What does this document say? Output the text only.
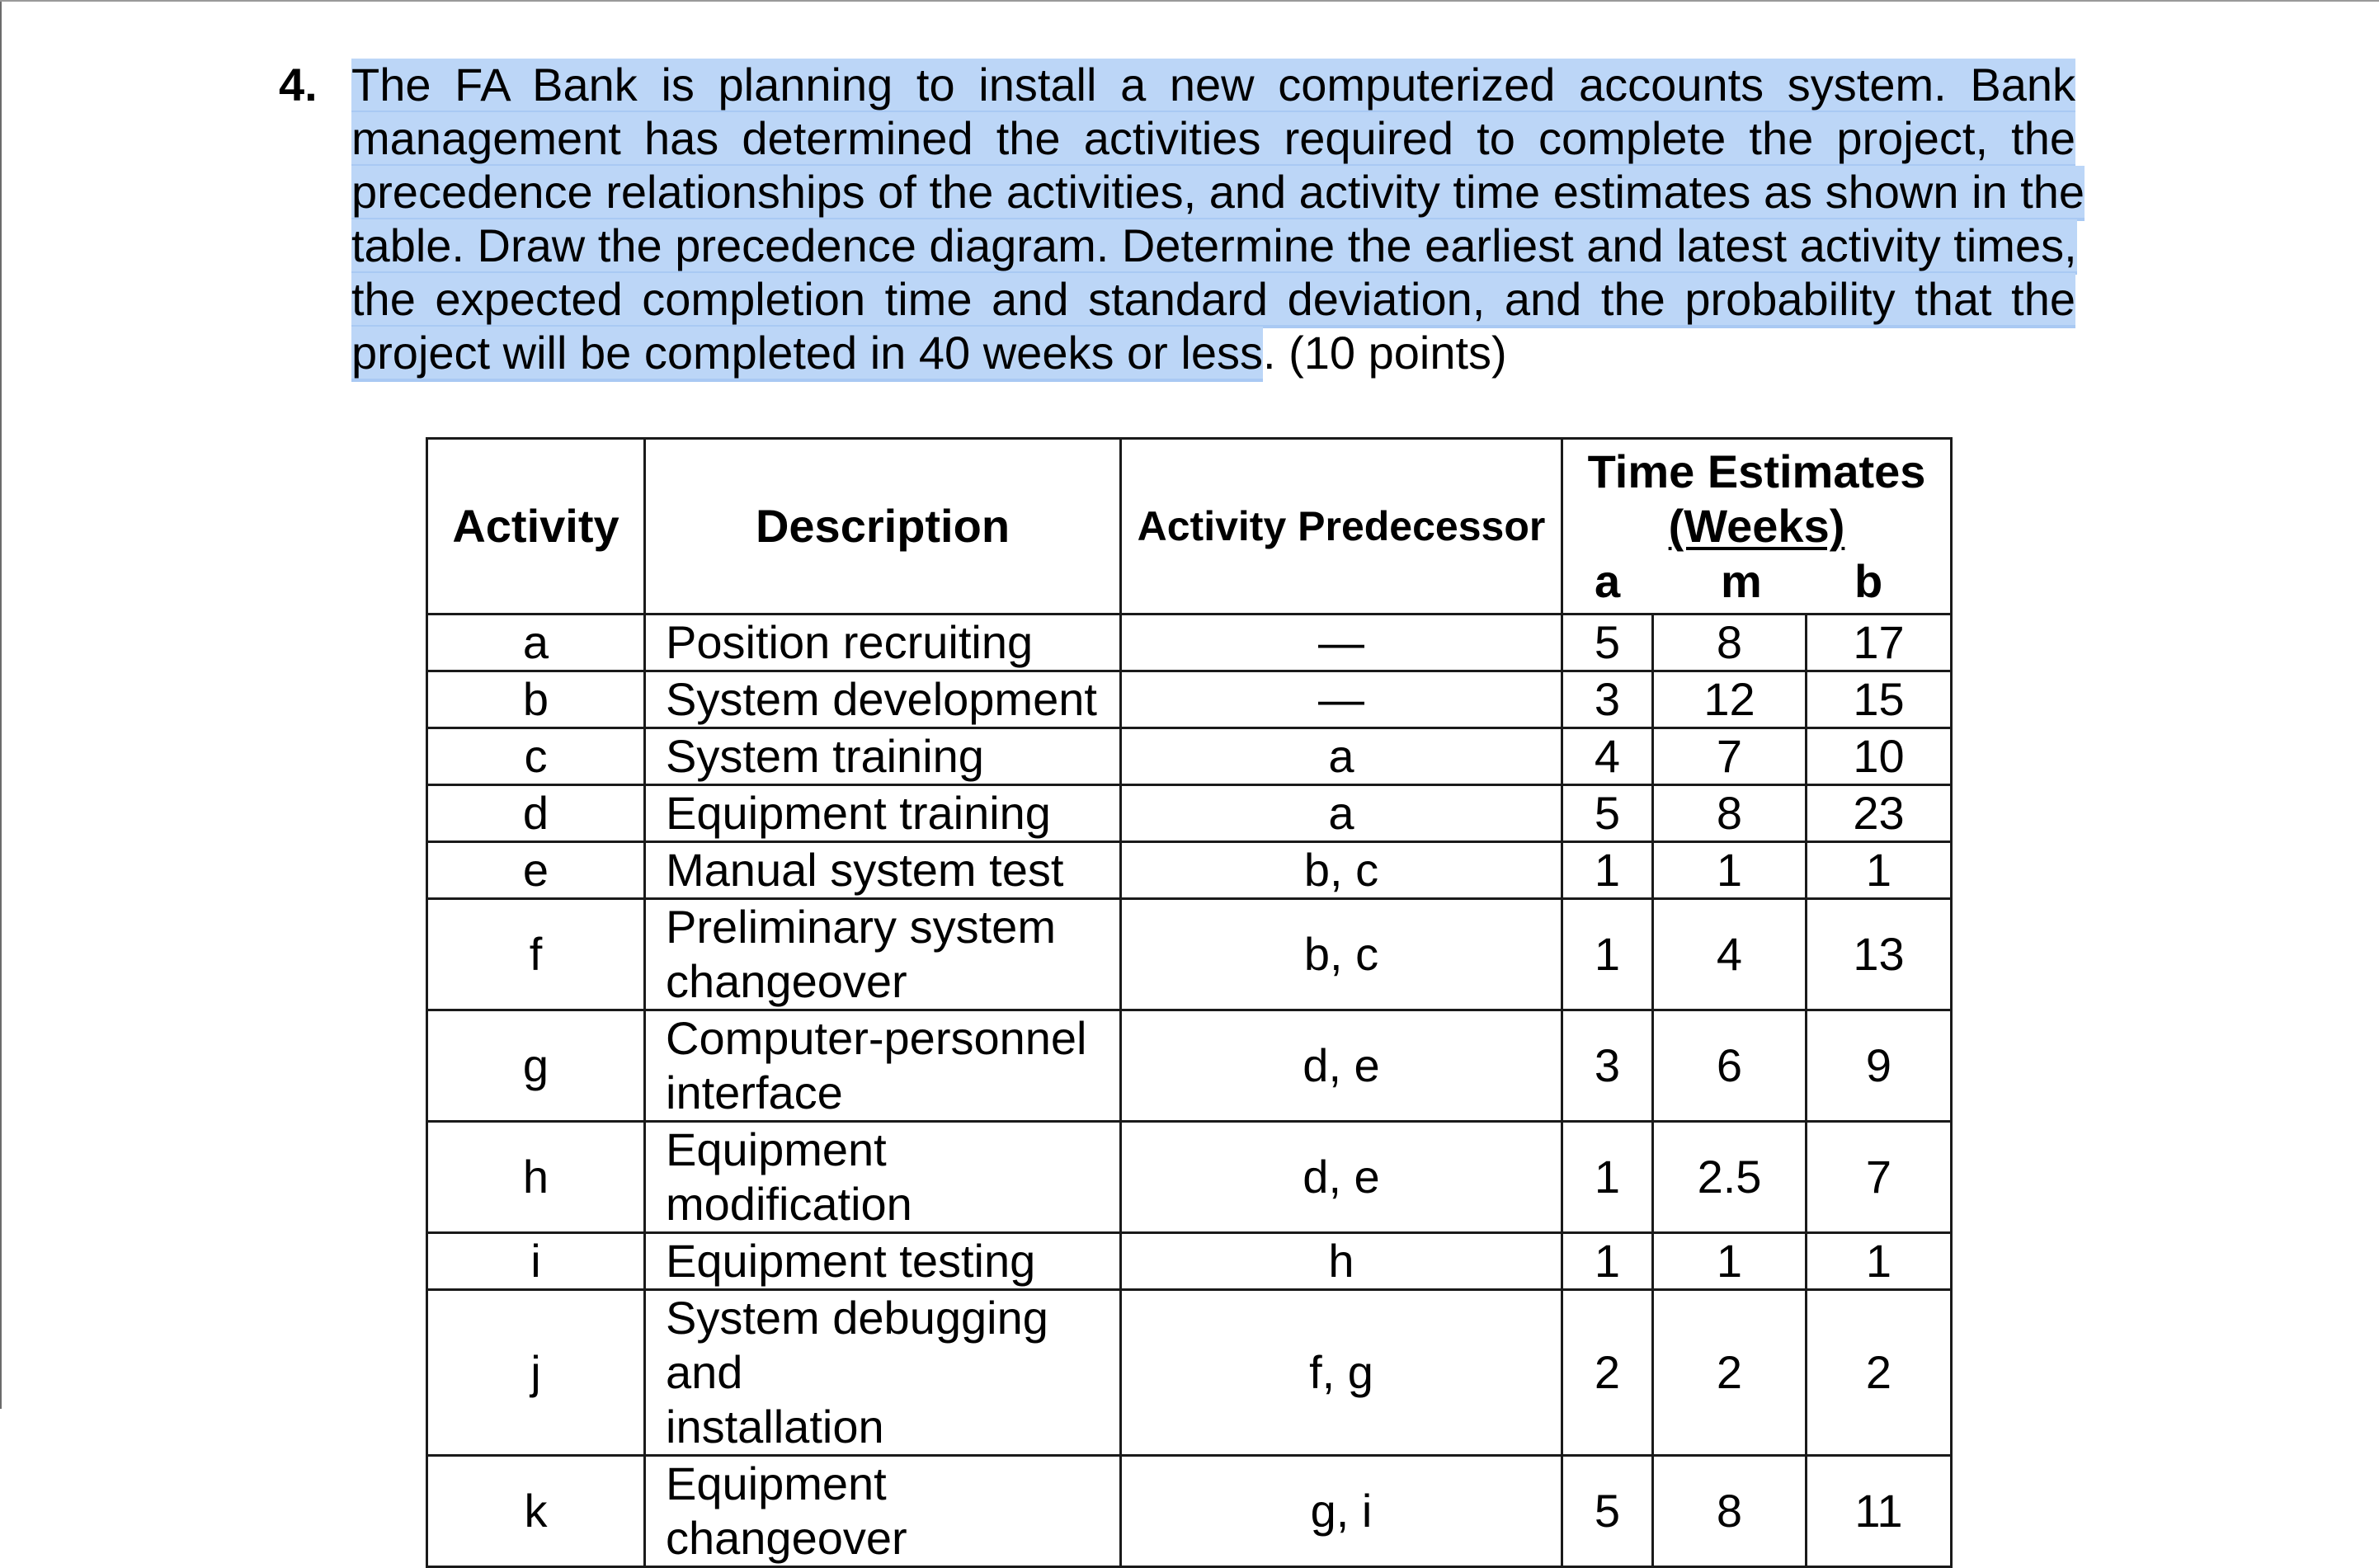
4. The FA Bank is planning to install a new computerized accounts system. Bank
management has determined the activities required to complete the project, the
precedence relationships of the activities, and activity time estimates as shown in the
table. Draw the precedence diagram. Determine the earliest and latest activity times,
the expected completion time and standard deviation, and the probability that the
project will be completed in 40 weeks or less. (10 points)
Activity	Description	Activity Predecessor	Time Estimates
(Weeks)
a m b		

a	Position recruiting	—	5	8	17
b	System development	—	3	12	15
c	System training	a	4	7	10
d	Equipment training	a	5	8	23
e	Manual system test	b, c	1	1	1
f	Preliminary system
changeover	b, c	1	4	13
g	Computer-personnel
interface	d, e	3	6	9
h	Equipment modification	d, e	1	2.5	7
i	Equipment testing	h	1	1	1
j	System debugging and
installation	f, g	2	2	2
k	Equipment changeover	g, i	5	8	11
